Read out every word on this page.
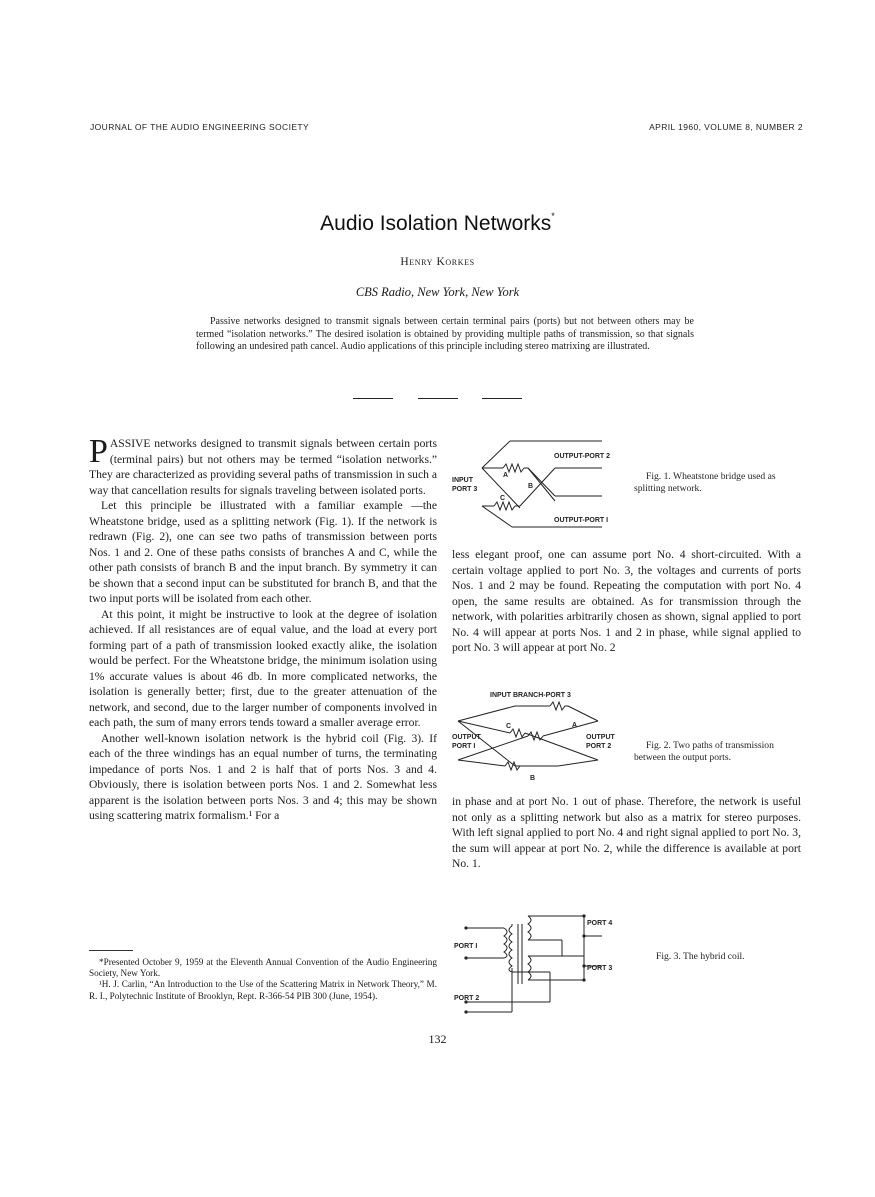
JOURNAL OF THE AUDIO ENGINEERING SOCIETY	APRIL 1960, VOLUME 8, NUMBER 2
Audio Isolation Networks*
Henry Korkes
CBS Radio, New York, New York
Passive networks designed to transmit signals between certain terminal pairs (ports) but not between others may be termed “isolation networks.” The desired isolation is obtained by providing multiple paths of transmission, so that signals following an undesired path cancel. Audio applications of this principle including stereo matrixing are illustrated.

PASSIVE networks designed to transmit signals between certain ports (terminal pairs) but not others may be termed “isolation networks.” They are characterized as providing several paths of transmission in such a way that cancellation results for signals traveling between isolated ports.

Let this principle be illustrated with a familiar example —the Wheatstone bridge, used as a splitting network (Fig. 1). If the network is redrawn (Fig. 2), one can see two paths of transmission between ports Nos. 1 and 2. One of these paths consists of branches A and C, while the other path consists of branch B and the input branch. By symmetry it can be shown that a second input can be substituted for branch B, and that the two input ports will be isolated from each other.

At this point, it might be instructive to look at the degree of isolation achieved. If all resistances are of equal value, and the load at every port forming part of a path of transmission looked exactly alike, the isolation would be perfect. For the Wheatstone bridge, the minimum isolation using 1% accurate values is about 46 db. In more complicated networks, the isolation is generally better; first, due to the greater attenuation of the network, and second, due to the larger number of components involved in each path, the sum of many errors tends toward a smaller average error.

Another well-known isolation network is the hybrid coil (Fig. 3). If each of the three windings has an equal number of turns, the terminating impedance of ports Nos. 1 and 2 is half that of ports Nos. 3 and 4. Obviously, there is isolation between ports Nos. 1 and 2. Somewhat less apparent is the isolation between ports Nos. 3 and 4; this may be shown using scattering matrix formalism.¹ For a

*Presented October 9, 1959 at the Eleventh Annual Convention of the Audio Engineering Society, New York.

¹H. J. Carlin, “An Introduction to the Use of the Scattering Matrix in Network Theory,” M. R. I., Polytechnic Institute of Brooklyn, Rept. R-366-54 PIB 300 (June, 1954).

less elegant proof, one can assume port No. 4 short-circuited. With a certain voltage applied to port No. 3, the voltages and currents of ports Nos. 1 and 2 may be found. Repeating the computation with port No. 4 open, the same results are obtained. As for transmission through the network, with polarities arbitrarily chosen as shown, signal applied to port No. 4 will appear at ports Nos. 1 and 2 in phase, while signal applied to port No. 3 will appear at port No. 2

in phase and at port No. 1 out of phase. Therefore, the network is useful not only as a splitting network but also as a matrix for stereo purposes. With left signal applied to port No. 4 and right signal applied to port No. 3, the sum will appear at port No. 2, while the difference is available at port No. 1.

INPUT
PORT 3
OUTPUT-PORT 2
OUTPUT-PORT I
A
B
C
Fig. 1. Wheatstone bridge used as splitting network.
INPUT BRANCH-PORT 3
OUTPUT
PORT I
OUTPUT
PORT 2
A
B
C
Fig. 2. Two paths of transmission between the output ports.
PORT I
PORT 2
PORT 3
PORT 4
Fig. 3. The hybrid coil.
132
